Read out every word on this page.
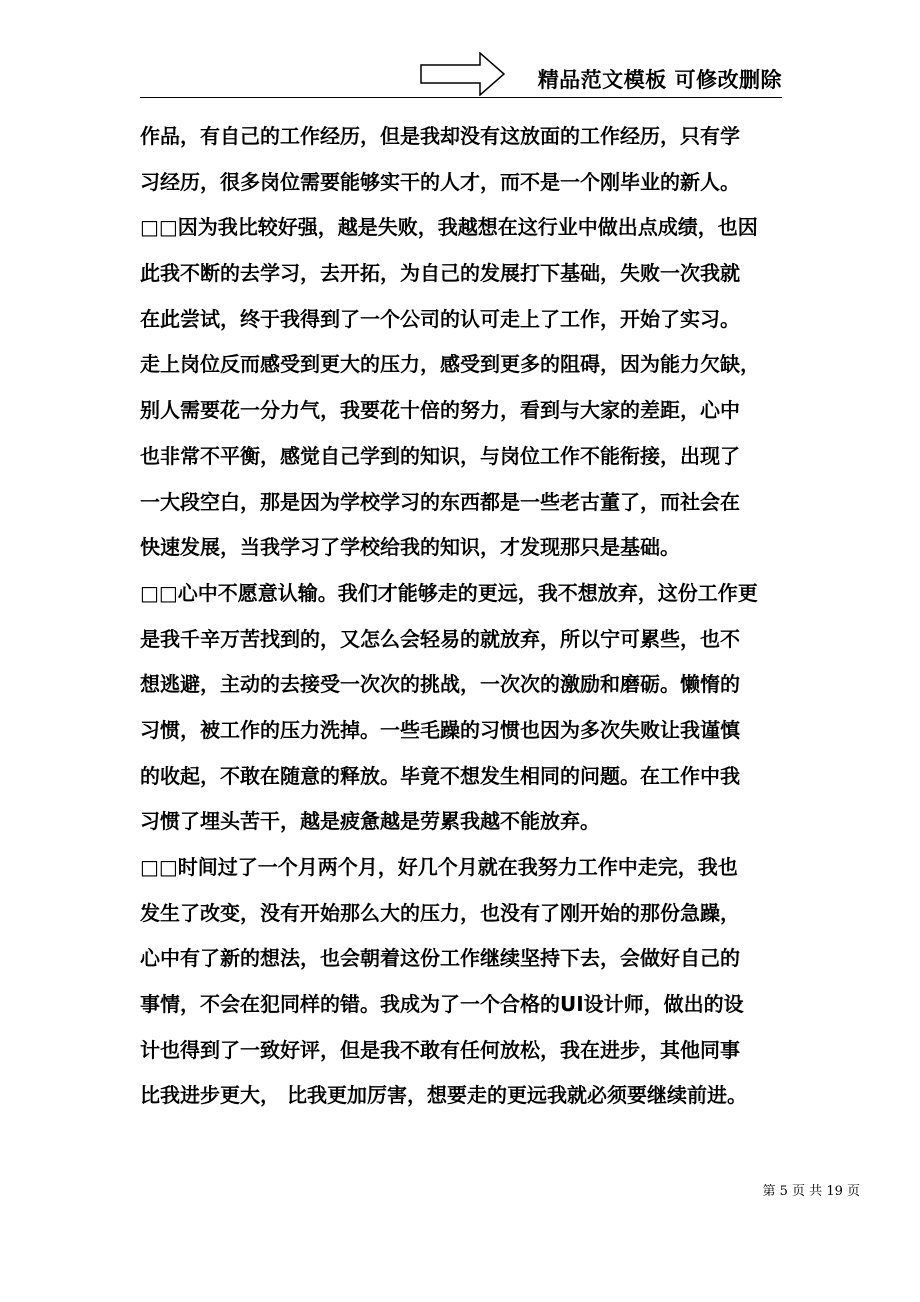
精品范文模板 可修改删除
作品，有自己的工作经历，但是我却没有这放面的工作经历，只有学
习经历，很多岗位需要能够实干的人才，而不是一个刚毕业的新人。
□□因为我比较好强，越是失败，我越想在这行业中做出点成绩，也因
此我不断的去学习，去开拓，为自己的发展打下基础，失败一次我就
在此尝试，终于我得到了一个公司的认可走上了工作，开始了实习。
走上岗位反而感受到更大的压力，感受到更多的阻碍，因为能力欠缺，
别人需要花一分力气，我要花十倍的努力，看到与大家的差距，心中
也非常不平衡，感觉自己学到的知识，与岗位工作不能衔接，出现了
一大段空白，那是因为学校学习的东西都是一些老古董了，而社会在
快速发展，当我学习了学校给我的知识，才发现那只是基础。
□□心中不愿意认输。我们才能够走的更远，我不想放弃，这份工作更
是我千辛万苦找到的，又怎么会轻易的就放弃，所以宁可累些，也不
想逃避，主动的去接受一次次的挑战，一次次的激励和磨砺。懒惰的
习惯，被工作的压力洗掉。一些毛躁的习惯也因为多次失败让我谨慎
的收起，不敢在随意的释放。毕竟不想发生相同的问题。在工作中我
习惯了埋头苦干，越是疲惫越是劳累我越不能放弃。
□□时间过了一个月两个月，好几个月就在我努力工作中走完，我也
发生了改变，没有开始那么大的压力，也没有了刚开始的那份急躁，
心中有了新的想法，也会朝着这份工作继续坚持下去，会做好自己的
事情，不会在犯同样的错。我成为了一个合格的UI设计师，做出的设
计也得到了一致好评，但是我不敢有任何放松，我在进步，其他同事
比我进步更大， 比我更加厉害，想要走的更远我就必须要继续前进。
第 5 页 共 19 页
